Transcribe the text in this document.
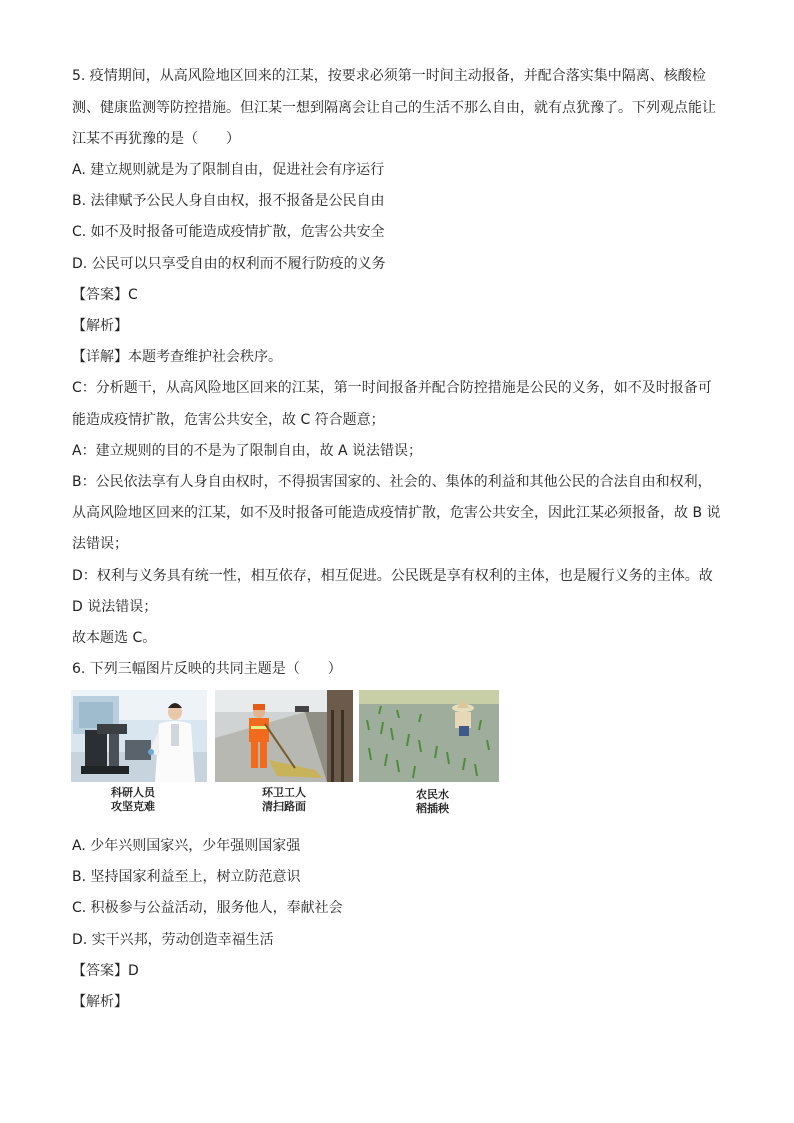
5. 疫情期间，从高风险地区回来的江某，按要求必须第一时间主动报备，并配合落实集中隔离、核酸检
测、健康监测等防控措施。但江某一想到隔离会让自己的生活不那么自由，就有点犹豫了。下列观点能让
江某不再犹豫的是（　　）
A. 建立规则就是为了限制自由，促进社会有序运行
B. 法律赋予公民人身自由权，报不报备是公民自由
C. 如不及时报备可能造成疫情扩散，危害公共安全
D. 公民可以只享受自由的权利而不履行防疫的义务
【答案】C
【解析】
【详解】本题考查维护社会秩序。
C：分析题干，从高风险地区回来的江某，第一时间报备并配合防控措施是公民的义务，如不及时报备可
能造成疫情扩散，危害公共安全，故 C 符合题意；
A：建立规则的目的不是为了限制自由，故 A 说法错误；
B：公民依法享有人身自由权时，不得损害国家的、社会的、集体的利益和其他公民的合法自由和权利，
从高风险地区回来的江某，如不及时报备可能造成疫情扩散，危害公共安全，因此江某必须报备，故 B 说
法错误；
D：权利与义务具有统一性，相互依存，相互促进。公民既是享有权利的主体，也是履行义务的主体。故
D 说法错误；
故本题选 C。
6. 下列三幅图片反映的共同主题是（　　）
科研人员
攻坚克难
环卫工人
清扫路面
农民水
稻插秧
A. 少年兴则国家兴，少年强则国家强
B. 坚持国家利益至上，树立防范意识
C. 积极参与公益活动，服务他人，奉献社会
D. 实干兴邦，劳动创造幸福生活
【答案】D
【解析】
